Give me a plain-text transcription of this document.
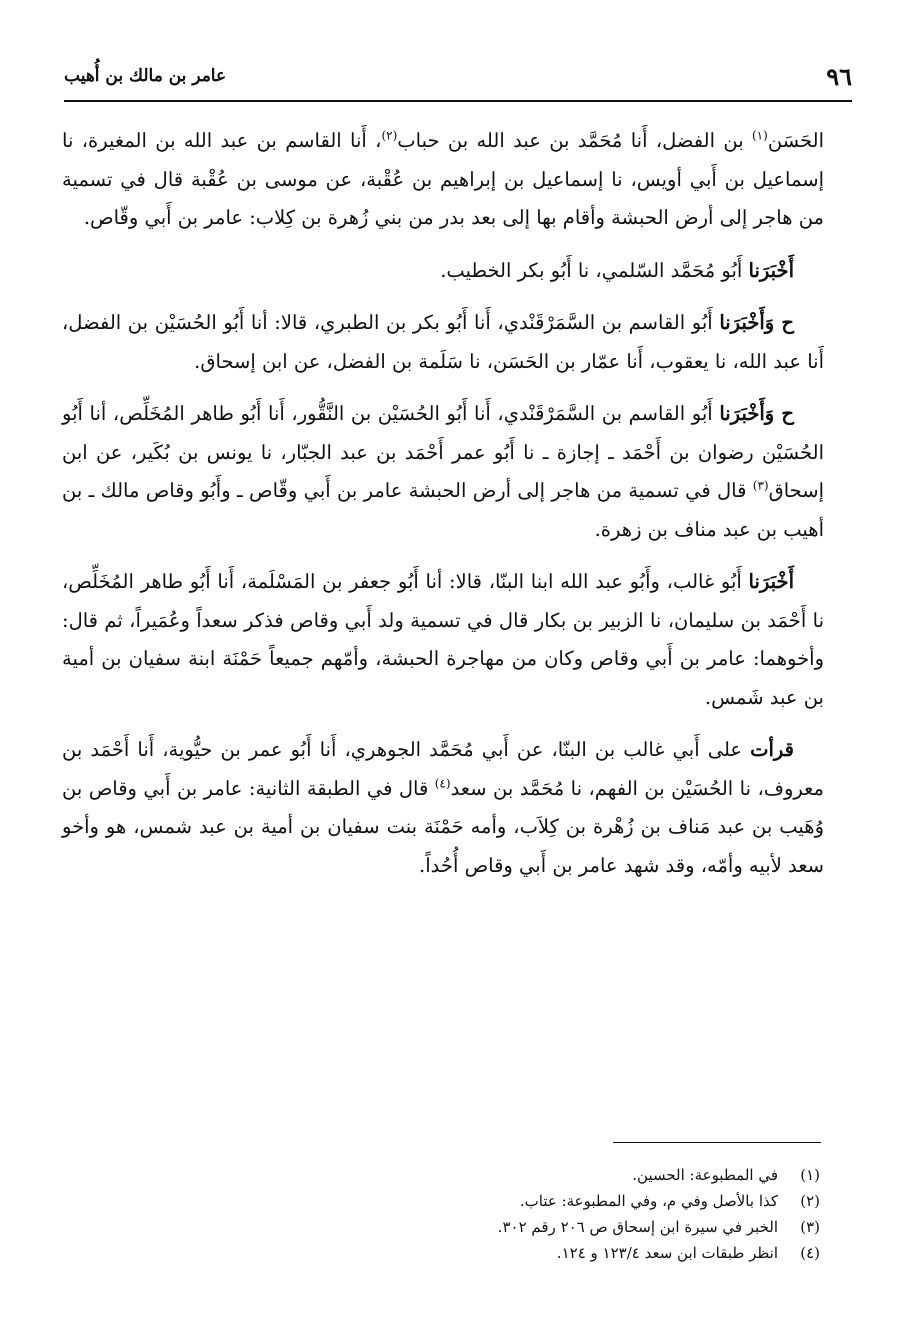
٩٦
عامر بن مالك بن أُهيب

الحَسَن$^{(١)}$ بن الفضل، أَنا مُحَمَّد بن عبد الله بن حباب$^{(٢)}$، أَنا القاسم بن عبد الله بن المغيرة، نا إسماعيل بن أَبي أويس، نا إسماعيل بن إبراهيم بن عُقْبة، عن موسى بن عُقْبة قال في تسمية من هاجر إلى أرض الحبشة وأقام بها إلى بعد بدر من بني زُهرة بن كِلاب: عامر بن أَبي وقّاص.

أَخْبَرَنا أَبُو مُحَمَّد السّلمي، نا أَبُو بكر الخطيب.

ح وَأَخْبَرَنا أَبُو القاسم بن السَّمَرْقَنْدي، أَنا أَبُو بكر بن الطبري، قالا: أنا أَبُو الحُسَيْن بن الفضل، أَنا عبد الله، نا يعقوب، أَنا عمّار بن الحَسَن، نا سَلَمة بن الفضل، عن ابن إسحاق.

ح وَأَخْبَرَنا أَبُو القاسم بن السَّمَرْقَنْدي، أَنا أَبُو الحُسَيْن بن النَّقُّور، أَنا أَبُو طاهر المُخَلِّص، أنا أَبُو الحُسَيْن رضوان بن أَحْمَد ـ إجازة ـ نا أَبُو عمر أَحْمَد بن عبد الجبّار، نا يونس بن بُكَير، عن ابن إسحاق$^{(٣)}$ قال في تسمية من هاجر إلى أرض الحبشة عامر بن أَبي وقّاص ـ وأَبُو وقاص مالك ـ بن أهيب بن عبد مناف بن زهرة.

أَخْبَرَنا أَبُو غالب، وأَبُو عبد الله ابنا البنّا، قالا: أنا أَبُو جعفر بن المَسْلَمة، أَنا أَبُو طاهر المُخَلِّص، نا أَحْمَد بن سليمان، نا الزبير بن بكار قال في تسمية ولد أَبي وقاص فذكر سعداً وعُمَيراً، ثم قال: وأخوهما: عامر بن أَبي وقاص وكان من مهاجرة الحبشة، وأمّهم جميعاً حَمْنَة ابنة سفيان بن أمية بن عبد شَمس.

قرأت على أَبي غالب بن البنّا، عن أَبي مُحَمَّد الجوهري، أَنا أَبُو عمر بن حيُّوية، أَنا أَحْمَد بن معروف، نا الحُسَيْن بن الفهم، نا مُحَمَّد بن سعد$^{(٤)}$ قال في الطبقة الثانية: عامر بن أَبي وقاص بن وُهَيب بن عبد مَناف بن زُهْرة بن كِلاَب، وأمه حَمْنَة بنت سفيان بن أمية بن عبد شمس، هو وأخو سعد لأبيه وأمّه، وقد شهد عامر بن أَبي وقاص أُحُداً.

(١)
في المطبوعة: الحسين.
(٢)
كذا بالأصل وفي م، وفي المطبوعة: عتاب.
(٣)
الخبر في سيرة ابن إسحاق ص ٢٠٦ رقم ٣٠٢.
(٤)
انظر طبقات ابن سعد ١٢٣/٤ و ١٢٤.
